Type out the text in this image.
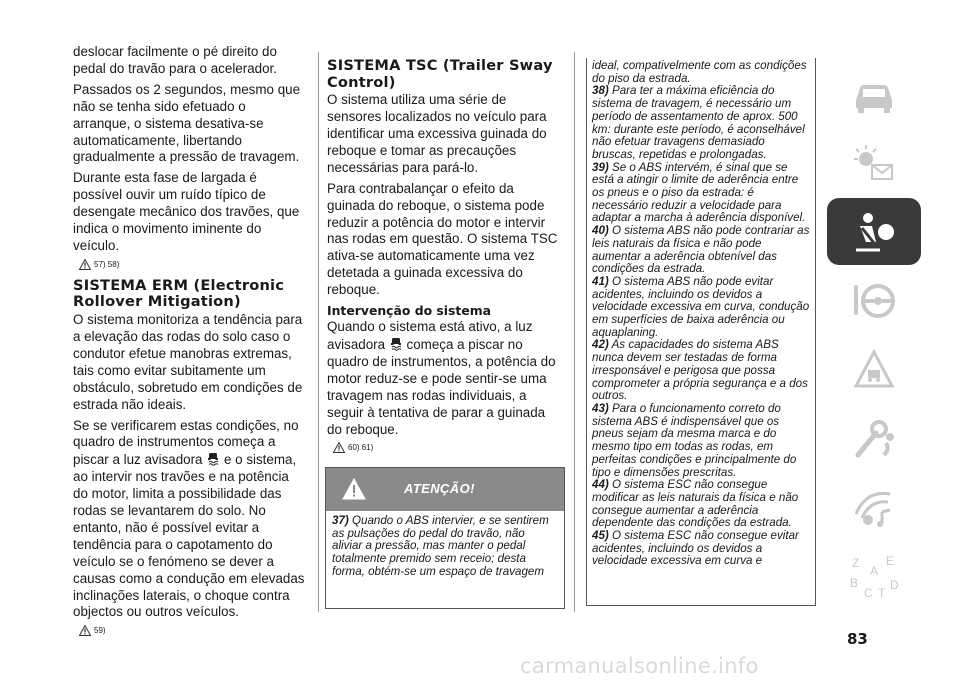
deslocar facilmente o pé direito do pedal do travão para o acelerador.

Passados os 2 segundos, mesmo que não se tenha sido efetuado o arranque, o sistema desativa-se automaticamente, libertando gradualmente a pressão de travagem.

Durante esta fase de largada é possível ouvir um ruído típico de desengate mecânico dos travões, que indica o movimento iminente do veículo.

57) 58)
SISTEMA ERM (Electronic Rollover Mitigation)

O sistema monitoriza a tendência para a elevação das rodas do solo caso o condutor efetue manobras extremas, tais como evitar subitamente um obstáculo, sobretudo em condições de estrada não ideais.

Se se verificarem estas condições, no quadro de instrumentos começa a piscar a luz avisadora e o sistema, ao intervir nos travões e na potência do motor, limita a possibilidade das rodas se levantarem do solo. No entanto, não é possível evitar a tendência para o capotamento do veículo se o fenómeno se dever a causas como a condução em elevadas inclinações laterais, o choque contra objectos ou outros veículos.

59)
SISTEMA TSC (Trailer Sway Control)

O sistema utiliza uma série de sensores localizados no veículo para identificar uma excessiva guinada do reboque e tomar as precauções necessárias para pará-lo.

Para contrabalançar o efeito da guinada do reboque, o sistema pode reduzir a potência do motor e intervir nas rodas em questão. O sistema TSC ativa-se automaticamente uma vez detetada a guinada excessiva do reboque.

Intervenção do sistema

Quando o sistema está ativo, a luz avisadora começa a piscar no quadro de instrumentos, a potência do motor reduz-se e pode sentir-se uma travagem nas rodas individuais, a seguir à tentativa de parar a guinada do reboque.

60) 61)
ATENÇÃO!

37) Quando o ABS intervier, e se sentirem as pulsações do pedal do travão, não aliviar a pressão, mas manter o pedal totalmente premido sem receio; desta forma, obtém-se um espaço de travagem

ideal, compativelmente com as condições do piso da estrada.

38) Para ter a máxima eficiência do sistema de travagem, é necessário um período de assentamento de aprox. 500 km: durante este período, é aconselhável não efetuar travagens demasiado bruscas, repetidas e prolongadas.

39) Se o ABS intervém, é sinal que se está a atingir o limite de aderência entre os pneus e o piso da estrada: é necessário reduzir a velocidade para adaptar a marcha à aderência disponível.

40) O sistema ABS não pode contrariar as leis naturais da física e não pode aumentar a aderência obtenível das condições da estrada.

41) O sistema ABS não pode evitar acidentes, incluindo os devidos a velocidade excessiva em curva, condução em superfícies de baixa aderência ou aquaplaning.

42) As capacidades do sistema ABS nunca devem ser testadas de forma irresponsável e perigosa que possa comprometer a própria segurança e a dos outros.

43) Para o funcionamento correto do sistema ABS é indispensável que os pneus sejam da mesma marca e do mesmo tipo em todas as rodas, em perfeitas condições e principalmente do tipo e dimensões prescritas.

44) O sistema ESC não consegue modificar as leis naturais da física e não consegue aumentar a aderência dependente das condições da estrada.

45) O sistema ESC não consegue evitar acidentes, incluindo os devidos a velocidade excessiva em curva e	Z E
A
B
C T
D
83
carmanualsonline.info
